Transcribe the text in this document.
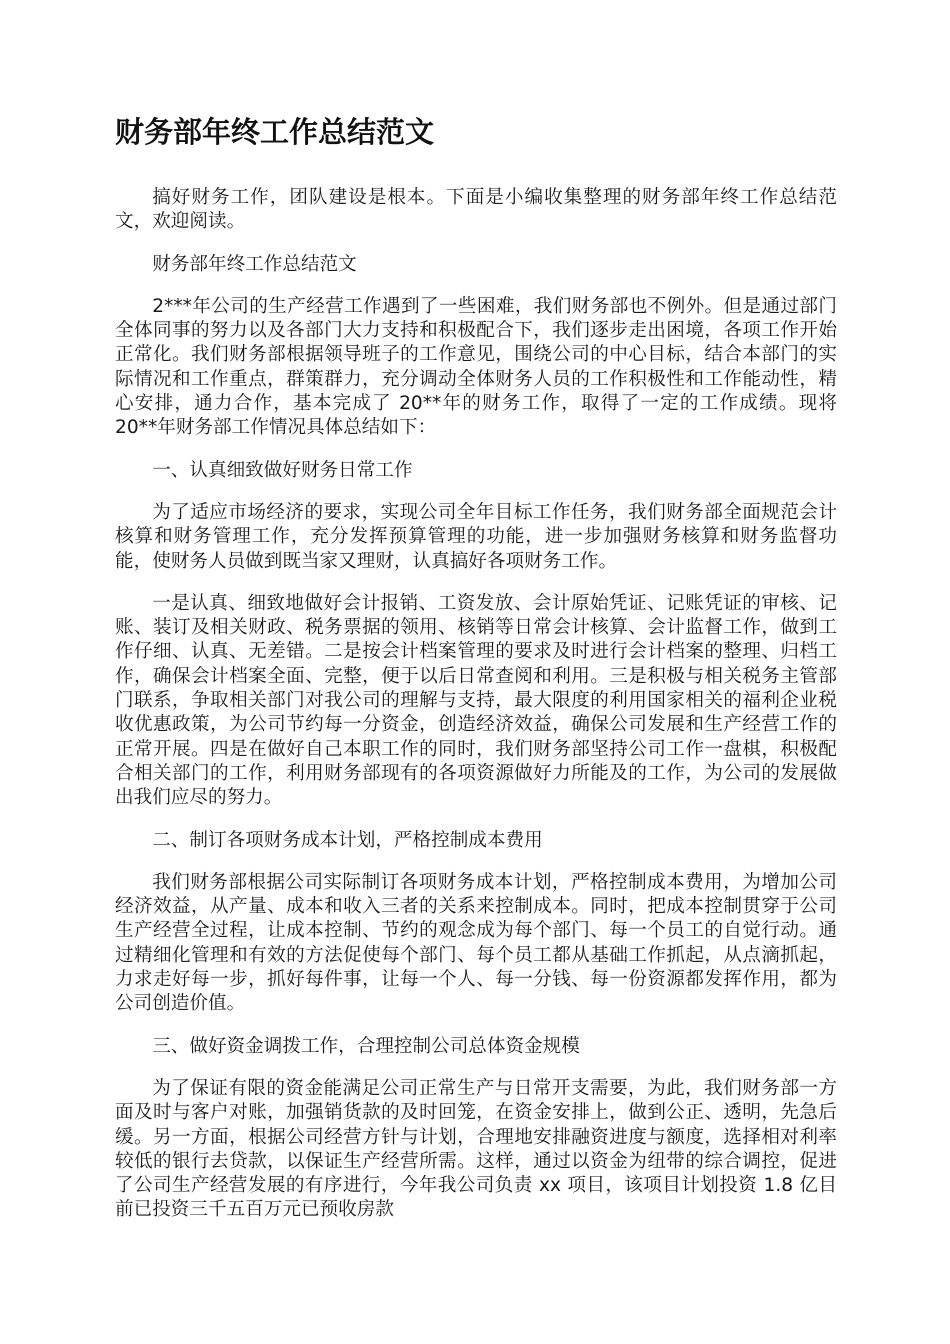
财务部年终工作总结范文

搞好财务工作，团队建设是根本。下面是小编收集整理的财务部年终工作总结范文，欢迎阅读。

财务部年终工作总结范文

2***年公司的生产经营工作遇到了一些困难，我们财务部也不例外。但是通过部门全体同事的努力以及各部门大力支持和积极配合下，我们逐步走出困境，各项工作开始正常化。我们财务部根据领导班子的工作意见，围绕公司的中心目标，结合本部门的实际情况和工作重点，群策群力，充分调动全体财务人员的工作积极性和工作能动性，精心安排，通力合作，基本完成了 20**年的财务工作，取得了一定的工作成绩。现将 20**年财务部工作情况具体总结如下：

一、认真细致做好财务日常工作

为了适应市场经济的要求，实现公司全年目标工作任务，我们财务部全面规范会计核算和财务管理工作，充分发挥预算管理的功能，进一步加强财务核算和财务监督功能，使财务人员做到既当家又理财，认真搞好各项财务工作。

一是认真、细致地做好会计报销、工资发放、会计原始凭证、记账凭证的审核、记账、装订及相关财政、税务票据的领用、核销等日常会计核算、会计监督工作，做到工作仔细、认真、无差错。二是按会计档案管理的要求及时进行会计档案的整理、归档工作，确保会计档案全面、完整，便于以后日常查阅和利用。三是积极与相关税务主管部门联系，争取相关部门对我公司的理解与支持，最大限度的利用国家相关的福利企业税收优惠政策，为公司节约每一分资金，创造经济效益，确保公司发展和生产经营工作的正常开展。四是在做好自己本职工作的同时，我们财务部坚持公司工作一盘棋，积极配合相关部门的工作，利用财务部现有的各项资源做好力所能及的工作，为公司的发展做出我们应尽的努力。

二、制订各项财务成本计划，严格控制成本费用

我们财务部根据公司实际制订各项财务成本计划，严格控制成本费用，为增加公司经济效益，从产量、成本和收入三者的关系来控制成本。同时，把成本控制贯穿于公司生产经营全过程，让成本控制、节约的观念成为每个部门、每一个员工的自觉行动。通过精细化管理和有效的方法促使每个部门、每个员工都从基础工作抓起，从点滴抓起，力求走好每一步，抓好每件事，让每一个人、每一分钱、每一份资源都发挥作用，都为公司创造价值。

三、做好资金调拨工作，合理控制公司总体资金规模

为了保证有限的资金能满足公司正常生产与日常开支需要，为此，我们财务部一方面及时与客户对账，加强销货款的及时回笼，在资金安排上，做到公正、透明，先急后缓。另一方面，根据公司经营方针与计划，合理地安排融资进度与额度，选择相对利率较低的银行去贷款，以保证生产经营所需。这样，通过以资金为纽带的综合调控，促进了公司生产经营发展的有序进行，今年我公司负责 xx 项目，该项目计划投资 1.8 亿目前已投资三千五百万元已预收房款
